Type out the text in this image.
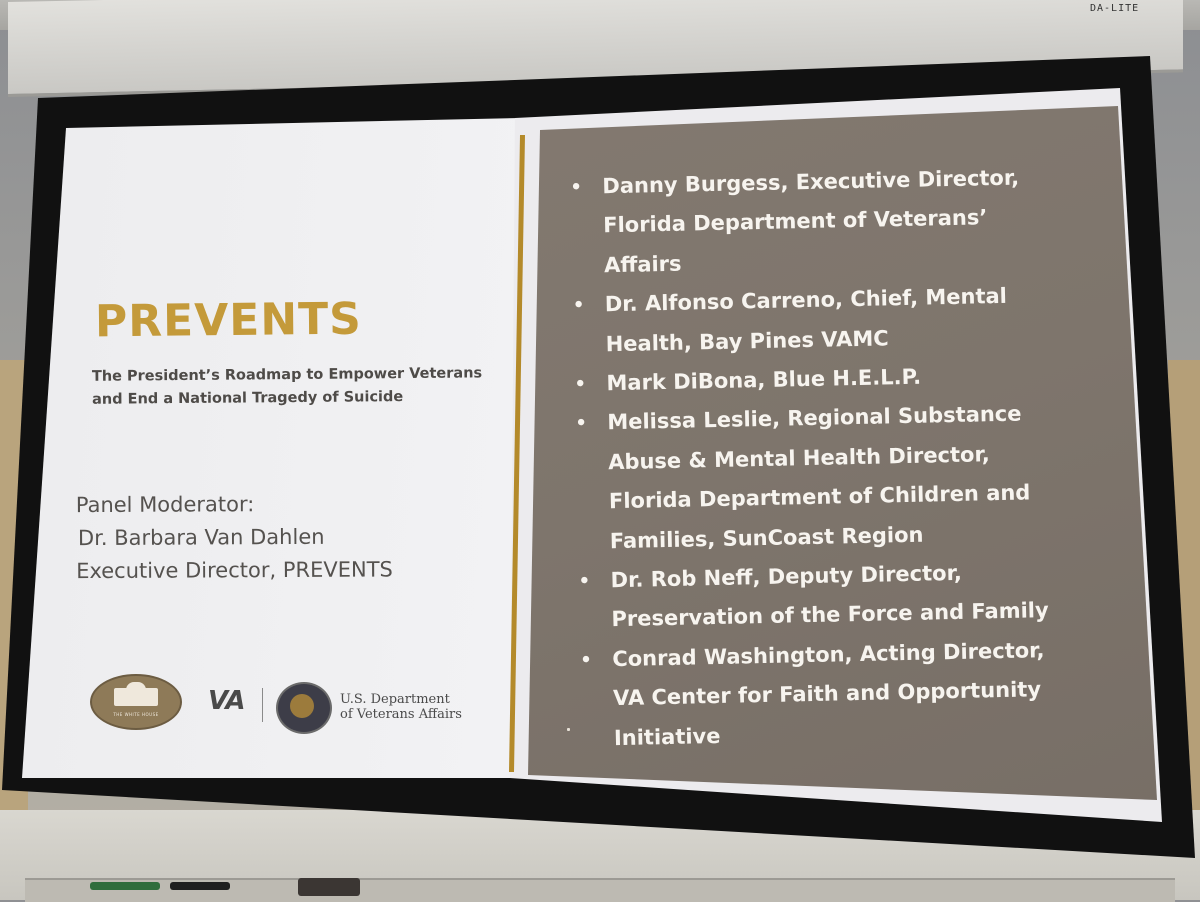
DA-LITE
PREVENTS
The President’s Roadmap to Empower Veterans
and End a National Tragedy of Suicide
Panel Moderator:
Dr. Barbara Van Dahlen
Executive Director, PREVENTS
THE WHITE HOUSE	VA	U.S. Department
of Veterans Affairs
• Danny Burgess, Executive Director,
Florida Department of Veterans’
Affairs
• Dr. Alfonso Carreno, Chief, Mental
Health, Bay Pines VAMC
• Mark DiBona, Blue H.E.L.P.
• Melissa Leslie, Regional Substance
Abuse & Mental Health Director,
Florida Department of Children and
Families, SunCoast Region
• Dr. Rob Neff, Deputy Director,
Preservation of the Force and Family
• Conrad Washington, Acting Director,
VA Center for Faith and Opportunity
Initiative
